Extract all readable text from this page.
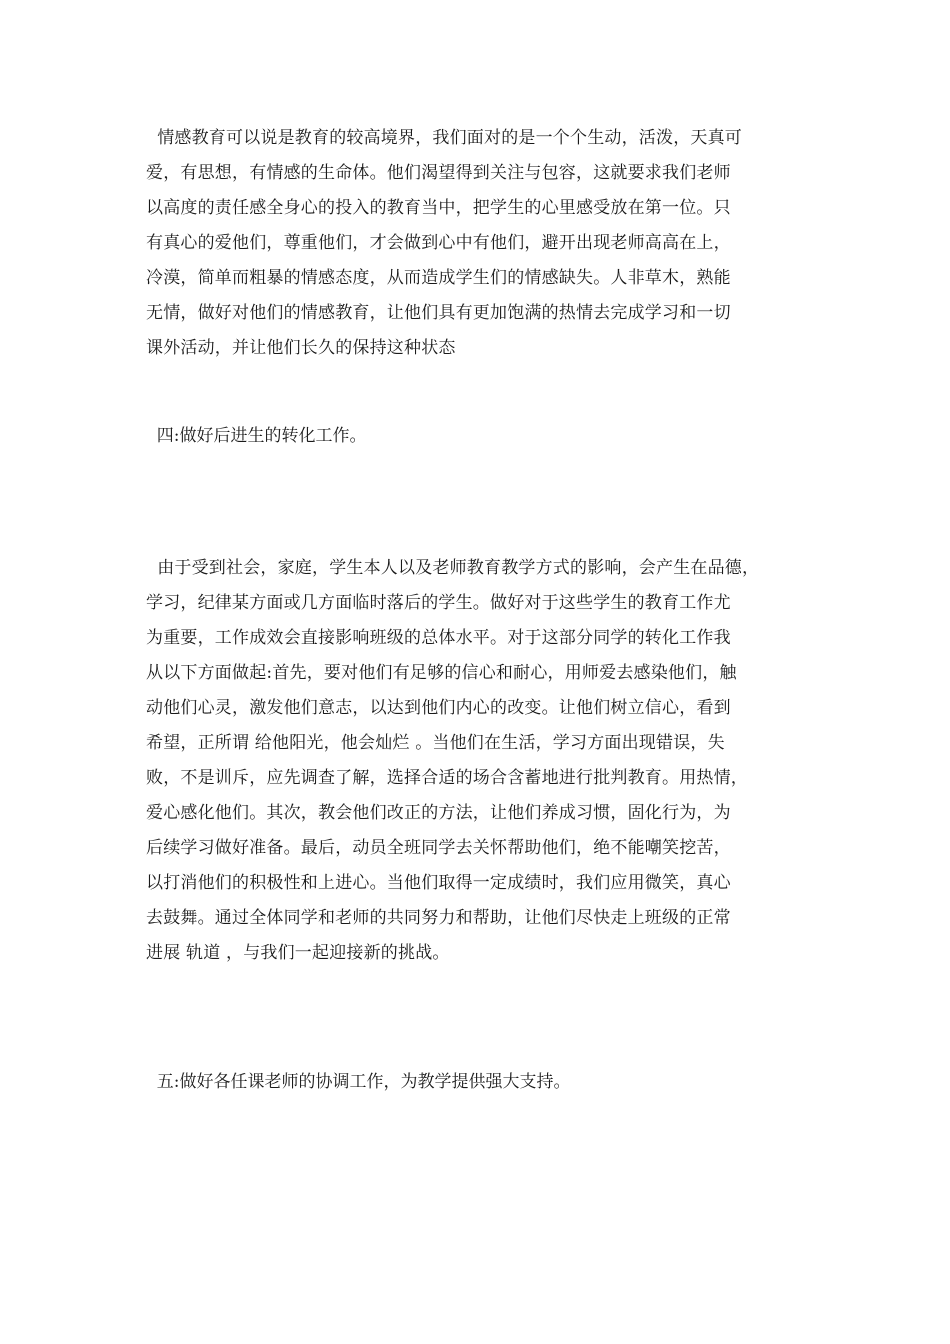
情感教育可以说是教育的较高境界，我们面对的是一个个生动，活泼，天真可
爱，有思想，有情感的生命体。他们渴望得到关注与包容，这就要求我们老师
以高度的责任感全身心的投入的教育当中，把学生的心里感受放在第一位。只
有真心的爱他们，尊重他们，才会做到心中有他们，避开出现老师高高在上，
冷漠，简单而粗暴的情感态度，从而造成学生们的情感缺失。人非草木，熟能
无情，做好对他们的情感教育，让他们具有更加饱满的热情去完成学习和一切
课外活动，并让他们长久的保持这种状态
四:做好后进生的转化工作。
由于受到社会，家庭，学生本人以及老师教育教学方式的影响，会产生在品德，
学习，纪律某方面或几方面临时落后的学生。做好对于这些学生的教育工作尤
为重要，工作成效会直接影响班级的总体水平。对于这部分同学的转化工作我
从以下方面做起:首先，要对他们有足够的信心和耐心，用师爱去感染他们，触
动他们心灵，激发他们意志，以达到他们内心的改变。让他们树立信心，看到
希望，正所谓 给他阳光，他会灿烂 。当他们在生活，学习方面出现错误，失
败，不是训斥，应先调查了解，选择合适的场合含蓄地进行批判教育。用热情，
爱心感化他们。其次，教会他们改正的方法，让他们养成习惯，固化行为，为
后续学习做好准备。最后，动员全班同学去关怀帮助他们，绝不能嘲笑挖苦，
以打消他们的积极性和上进心。当他们取得一定成绩时，我们应用微笑，真心
去鼓舞。通过全体同学和老师的共同努力和帮助，让他们尽快走上班级的正常
进展 轨道 ，与我们一起迎接新的挑战。
五:做好各任课老师的协调工作，为教学提供强大支持。
